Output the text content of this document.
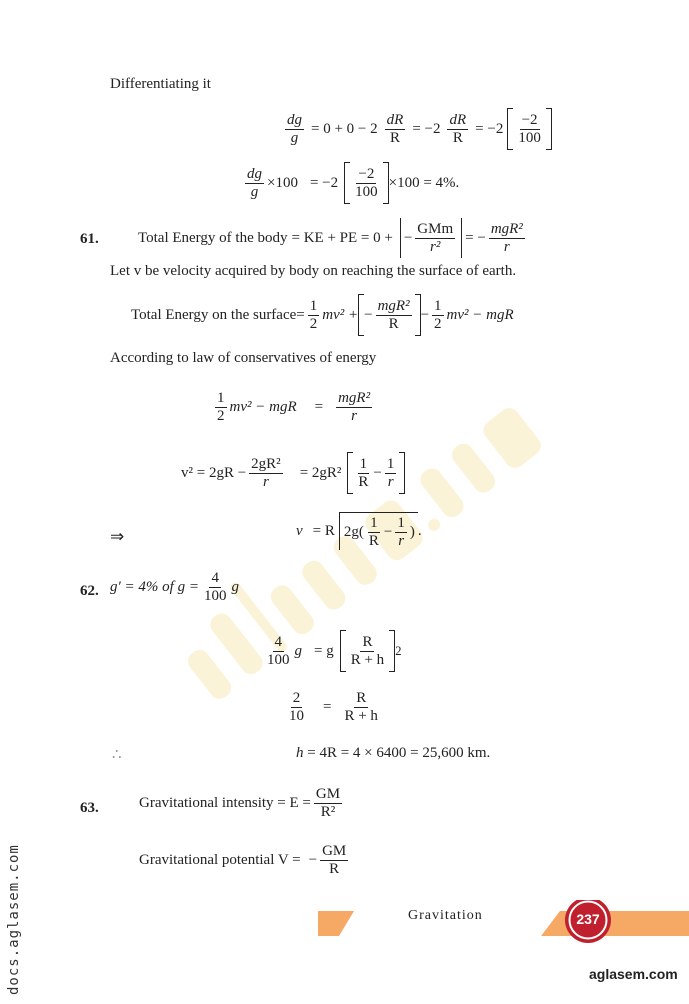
docs.aglasem.com
Differentiating it
$\frac{dg}{g} = 0 + 0 - 2 \frac{dR}{R} = -2 \frac{dR}{R} = -2$
−2
100
$\frac{dg}{g} \times 100 = -2$
−2
100
×100 = 4%.
61.	Total Energy of the body = KE + PE = 0 + −
GMm
r²
= −
mgR²
r
Let v be velocity acquired by body on reaching the surface of earth.
Total Energy on the surface= $\frac{1}{2} mv^2$ + −
mgR²
R
− $\frac{1}{2} mv^2$ − mgR
According to law of conservatives of energy
1
2
mv² − mgR =
mgR²
r
$v^2 = 2gR - \frac{\text{2gR²}}{r} = 2gR^2$
1
R
− $\frac{1}{r}$
⇒	v = R $2g( \frac{1}{R} - \frac{1}{r}$ ) .
62. g′ = 4% of $g = \frac{4}{100}$ g
4
100
g = g
R
R + h
2
$\frac{2}{10} = \frac{R}{R + h}$
∴	h = 4R = 4 × 6400 = 25,600 km.
63.	Gravitational intensity = $E = \frac{GM}{\text{R²}}$
Gravitational potential V = − $\frac{GM}{R}$
Gravitation	237
aglasem.com
